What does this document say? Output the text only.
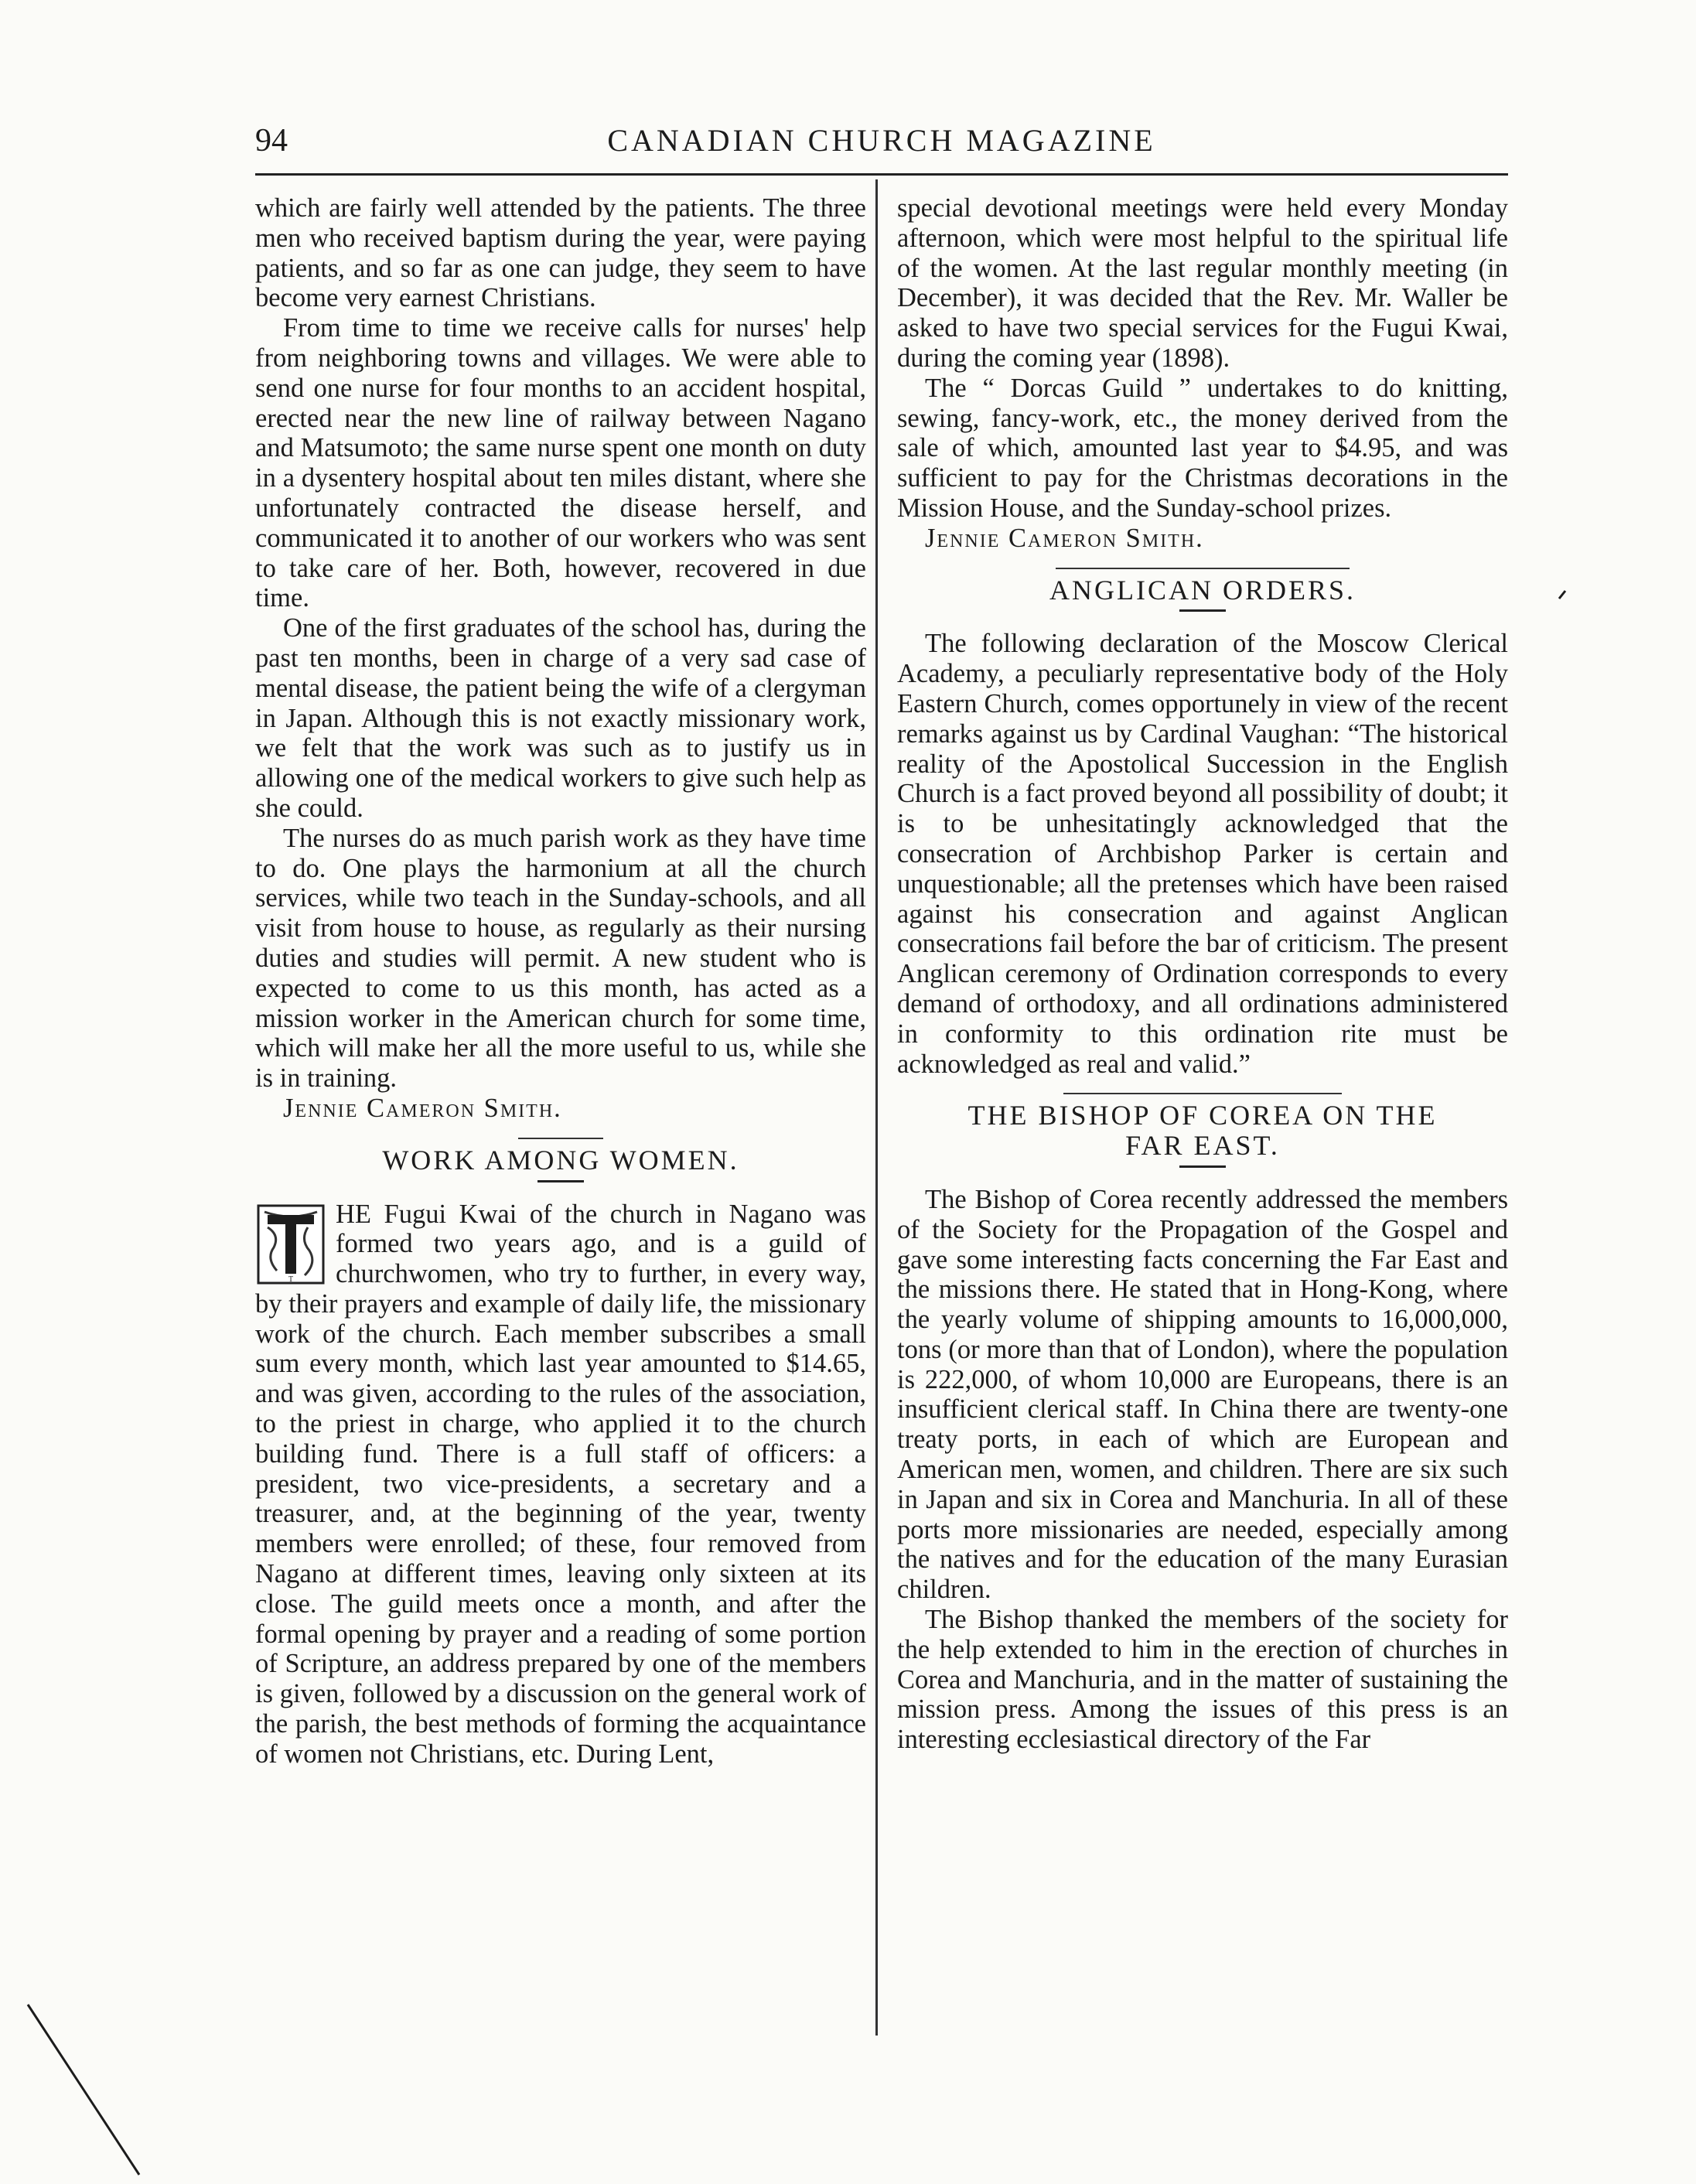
94	CANADIAN CHURCH MAGAZINE

which are fairly well attended by the patients. The three men who received baptism during the year, were paying patients, and so far as one can judge, they seem to have become very earnest Christians.

From time to time we receive calls for nurses' help from neighboring towns and villages. We were able to send one nurse for four months to an accident hospital, erected near the new line of railway between Nagano and Matsumoto; the same nurse spent one month on duty in a dysentery hospital about ten miles distant, where she unfortunately contracted the disease herself, and communicated it to another of our workers who was sent to take care of her. Both, however, recovered in due time.

One of the first graduates of the school has, during the past ten months, been in charge of a very sad case of mental disease, the patient being the wife of a clergyman in Japan. Although this is not exactly missionary work, we felt that the work was such as to justify us in allowing one of the medical workers to give such help as she could.

The nurses do as much parish work as they have time to do. One plays the harmonium at all the church services, while two teach in the Sunday-schools, and all visit from house to house, as regularly as their nursing duties and studies will permit. A new student who is expected to come to us this month, has acted as a mission worker in the American church for some time, which will make her all the more useful to us, while she is in training.

Jennie Cameron Smith.

WORK AMONG WOMEN.

T
HE Fugui Kwai of the church in Nagano was formed two years ago, and is a guild of churchwomen, who try to further, in every way, by their prayers and example of daily life, the missionary work of the church. Each member subscribes a small sum every month, which last year amounted to $14.65, and was given, according to the rules of the association, to the priest in charge, who applied it to the church building fund. There is a full staff of officers: a president, two vice-presidents, a secretary and a treasurer, and, at the beginning of the year, twenty members were enrolled; of these, four removed from Nagano at different times, leaving only sixteen at its close. The guild meets once a month, and after the formal opening by prayer and a reading of some portion of Scripture, an address prepared by one of the members is given, followed by a discussion on the general work of the parish, the best methods of forming the acquaintance of women not Christians, etc. During Lent,

special devotional meetings were held every Monday afternoon, which were most helpful to the spiritual life of the women. At the last regular monthly meeting (in December), it was decided that the Rev. Mr. Waller be asked to have two special services for the Fugui Kwai, during the coming year (1898).

The “ Dorcas Guild ” undertakes to do knitting, sewing, fancy-work, etc., the money derived from the sale of which, amounted last year to $4.95, and was sufficient to pay for the Christmas decorations in the Mission House, and the Sunday-school prizes.

Jennie Cameron Smith.

ANGLICAN ORDERS.

The following declaration of the Moscow Clerical Academy, a peculiarly representative body of the Holy Eastern Church, comes opportunely in view of the recent remarks against us by Cardinal Vaughan: “The historical reality of the Apostolical Succession in the English Church is a fact proved beyond all possibility of doubt; it is to be unhesitatingly acknowledged that the consecration of Archbishop Parker is certain and unquestionable; all the pretenses which have been raised against his consecration and against Anglican consecrations fail before the bar of criticism. The present Anglican ceremony of Ordination corresponds to every demand of orthodoxy, and all ordinations administered in conformity to this ordination rite must be acknowledged as real and valid.”

THE BISHOP OF COREA ON THE
FAR EAST.

The Bishop of Corea recently addressed the members of the Society for the Propagation of the Gospel and gave some interesting facts concerning the Far East and the missions there. He stated that in Hong-Kong, where the yearly volume of shipping amounts to 16,000,000, tons (or more than that of London), where the population is 222,000, of whom 10,000 are Europeans, there is an insufficient clerical staff. In China there are twenty-one treaty ports, in each of which are European and American men, women, and children. There are six such in Japan and six in Corea and Manchuria. In all of these ports more missionaries are needed, especially among the natives and for the education of the many Eurasian children.

The Bishop thanked the members of the society for the help extended to him in the erection of churches in Corea and Manchuria, and in the matter of sustaining the mission press. Among the issues of this press is an interesting ecclesiastical directory of the Far
